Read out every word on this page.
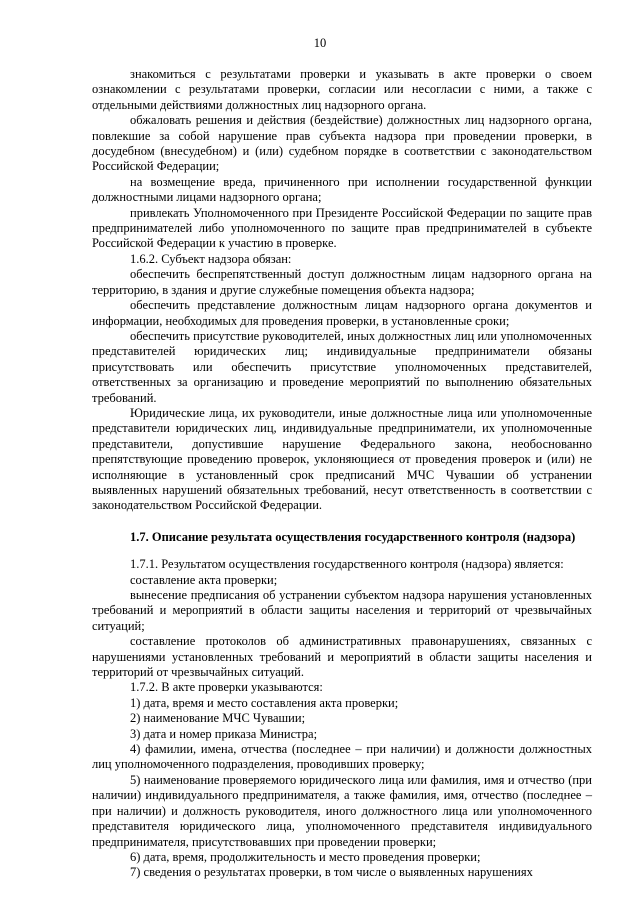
10

знакомиться с результатами проверки и указывать в акте проверки о своем ознакомлении с результатами проверки, согласии или несогласии с ними, а также с отдельными действиями должностных лиц надзорного органа.

обжаловать решения и действия (бездействие) должностных лиц надзорного органа, повлекшие за собой нарушение прав субъекта надзора при проведении проверки, в досудебном (внесудебном) и (или) судебном порядке в соответствии с законодательством Российской Федерации;

на возмещение вреда, причиненного при исполнении государственной функции должностными лицами надзорного органа;

привлекать Уполномоченного при Президенте Российской Федерации по защите прав предпринимателей либо уполномоченного по защите прав предпринимателей в субъекте Российской Федерации к участию в проверке.

1.6.2. Субъект надзора обязан:

обеспечить беспрепятственный доступ должностным лицам надзорного органа на территорию, в здания и другие служебные помещения объекта надзора;

обеспечить представление должностным лицам надзорного органа документов и информации, необходимых для проведения проверки, в установленные сроки;

обеспечить присутствие руководителей, иных должностных лиц или уполномоченных представителей юридических лиц; индивидуальные предприниматели обязаны присутствовать или обеспечить присутствие уполномоченных представителей, ответственных за организацию и проведение мероприятий по выполнению обязательных требований.

Юридические лица, их руководители, иные должностные лица или уполномоченные представители юридических лиц, индивидуальные предприниматели, их уполномоченные представители, допустившие нарушение Федерального закона, необоснованно препятствующие проведению проверок, уклоняющиеся от проведения проверок и (или) не исполняющие в установленный срок предписаний МЧС Чувашии об устранении выявленных нарушений обязательных требований, несут ответственность в соответствии с законодательством Российской Федерации.

1.7. Описание результата осуществления государственного контроля (надзора)

1.7.1. Результатом осуществления государственного контроля (надзора) является:

составление акта проверки;

вынесение предписания об устранении субъектом надзора нарушения установленных требований и мероприятий в области защиты населения и территорий от чрезвычайных ситуаций;

составление протоколов об административных правонарушениях, связанных с нарушениями установленных требований и мероприятий в области защиты населения и территорий от чрезвычайных ситуаций.

1.7.2. В акте проверки указываются:

1) дата, время и место составления акта проверки;

2) наименование МЧС Чувашии;

3) дата и номер приказа Министра;

4) фамилии, имена, отчества (последнее – при наличии) и должности должностных лиц уполномоченного подразделения, проводивших проверку;

5) наименование проверяемого юридического лица или фамилия, имя и отчество (при наличии) индивидуального предпринимателя, а также фамилия, имя, отчество (последнее – при наличии) и должность руководителя, иного должностного лица или уполномоченного представителя юридического лица, уполномоченного представителя индивидуального предпринимателя, присутствовавших при проведении проверки;

6) дата, время, продолжительность и место проведения проверки;

7) сведения о результатах проверки, в том числе о выявленных нарушениях
